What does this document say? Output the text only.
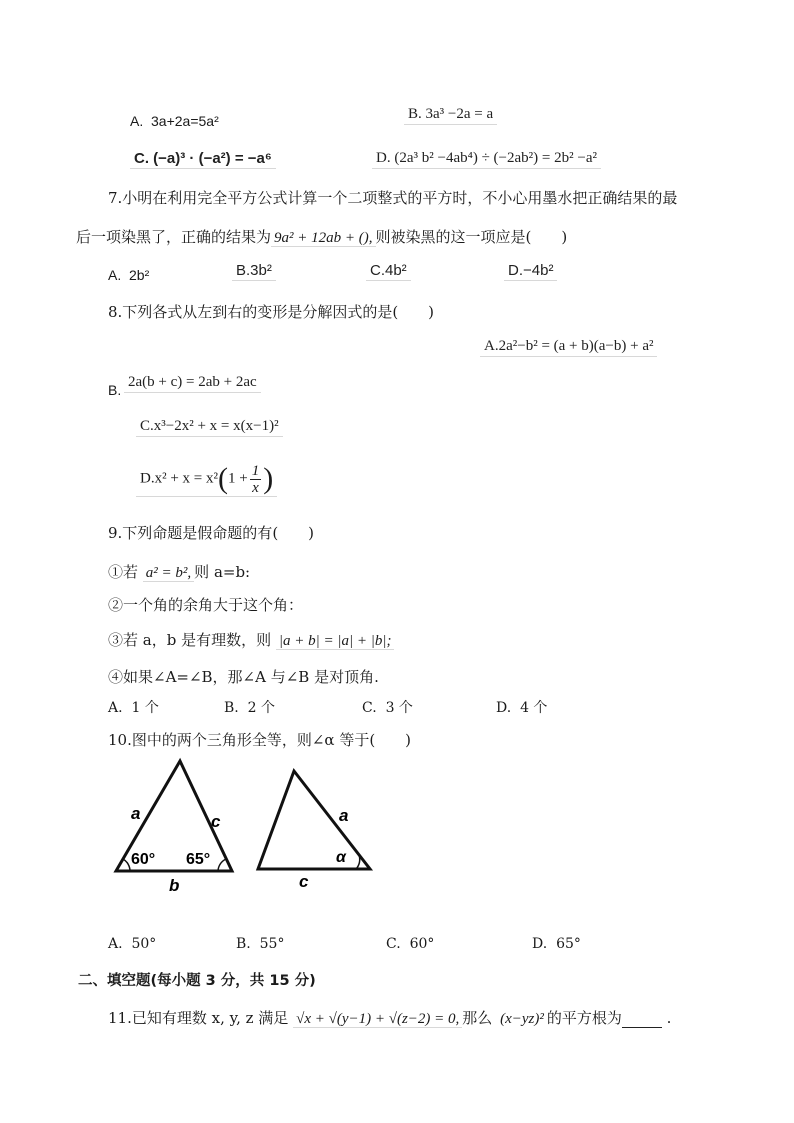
A.  3a+2a=5a²	B. 3a³ −2a = a
C. (−a)³ · (−a²) = −a⁶	D. (2a³ b² −4ab⁴) ÷ (−2ab²) = 2b² −a²
7.小明在利用完全平方公式计算一个二项整式的平方时，不小心用墨水把正确结果的最
后一项染黑了，正确的结果为 9a² + 12ab + (), 则被染黑的这一项应是(　　)
A.  2b²	B.3b²	C.4b²	D.−4b²
8.下列各式从左到右的变形是分解因式的是(　　)
A.2a²−b² = (a + b)(a−b) + a²
B. 2a(b + c) = 2ab + 2ac
C.x³−2x² + x = x(x−1)²
$D.x^2 + x = x^2(1 + \frac{1}{x}$ )
9.下列命题是假命题的有(　　)
①若 a² = b², 则 a=b:
②一个角的余角大于这个角：
③若 a，b 是有理数，则 |a + b| = |a| + |b|;
④如果∠A=∠B，那∠A 与∠B 是对顶角.
A.  1 个	B.  2 个	C.  3 个	D.  4 个
10.图中的两个三角形全等，则∠α 等于(　　)
a	c
b
60° 65°
a
c
α
A.  50°	B.  55°	C.  60°	D.  65°
二、填空题(每小题 3 分，共 15 分)
11.已知有理数 x, y, z 满足 √x + √(y−1) + √(z−2) = 0, 那么 (x−yz)² 的平方根为	.
